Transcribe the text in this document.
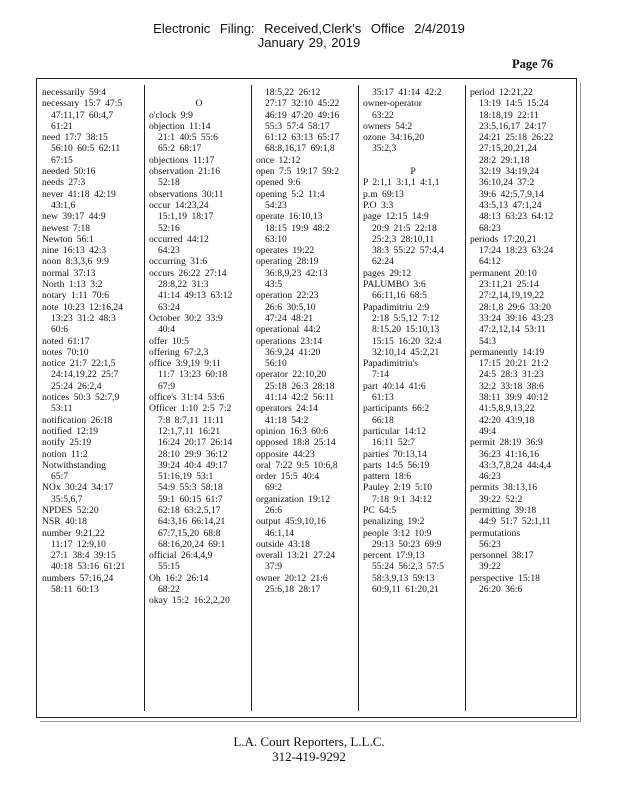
Electronic Filing: Received,Clerk's Office 2/4/2019
January 29, 2019
Page 76
necessarily 59:4
necessary 15:7 47:5
47:11,17 60:4,7
61:21
need 17:7 38:15
56:10 60:5 62:11
67:15
needed 50:16
needs 27:3
never 41:18 42:19
43:1,6
new 39:17 44:9
newest 7:18
Newton 56:1
nine 16:13 42:3
noon 8:3,3,6 9:9
normal 37:13
North 1:13 3:2
notary 1:11 70:6
note 10:23 12:16,24
13:23 31:2 48:3
60:6
noted 61:17
notes 70:10
notice 21:7 22:1,5
24:14,19,22 25:7
25:24 26:2,4
notices 50:3 52:7,9
53:11
notification 26:18
notified 12:19
notify 25:19
notion 11:2
Notwithstanding
65:7
NOx 30:24 34:17
35:5,6,7
NPDES 52:20
NSR 40:18
number 9:21,22
11:17 12:9,10
27:1 38:4 39:15
40:18 53:16 61:21
numbers 57:16,24
58:11 60:13

O
o'clock 9:9
objection 11:14
21:1 40:5 55:6
65:2 68:17
objections 11:17
observation 21:16
52:18
observations 30:11
occur 14:23,24
15:1,19 18:17
52:16
occurred 44:12
64:23
occurring 31:6
occurs 26:22 27:14
28:8,22 31:3
41:14 49:13 63:12
63:24
October 30:2 33:9
40:4
offer 10:5
offering 67:2,3
office 3:9,19 9:11
11:7 13:23 60:18
67:9
office's 31:14 53:6
Officer 1:10 2:5 7:2
7:8 8:7,11 11:11
12:1,7,11 16:21
16:24 20:17 26:14
28:10 29:9 36:12
39:24 40:4 49:17
51:16,19 53:1
54:9 55:3 58:18
59:1 60:15 61:7
62:18 63:2,5,17
64:3,16 66:14,21
67:7,15,20 68:8
68:16,20,24 69:1
official 26:4,4,9
55:15
Oh 16:2 26:14
68:22
okay 15:2 16:2,2,20
18:5,22 26:12
27:17 32:10 45:22
46:19 47:20 49:16
55:3 57:4 58:17
61:12 63:13 65:17
68:8,16,17 69:1,8
once 12:12
open 7:5 19:17 59:2
opened 9:6
opening 5:2 11:4
54:23
operate 16:10,13
18:15 19:9 48:2
63:10
operates 19:22
operating 28:19
36:8,9,23 42:13
43:5
operation 22:23
26:6 30:5,10
47:24 48:21
operational 44:2
operations 23:14
36:9,24 41:20
56:10
operator 22:10,20
25:18 26:3 28:18
41:14 42:2 56:11
operators 24:14
41:18 54:2
opinion 16:3 60:6
opposed 18:8 25:14
opposite 44:23
oral 7:22 9:5 10:6,8
order 15:5 40:4
69:2
organization 19:12
26:6
output 45:9,10,16
46:1,14
outside 43:18
overall 13:21 27:24
37:9
owner 20:12 21:6
25:6,18 28:17
35:17 41:14 42:2
owner-operator
63:22
owners 54:2
ozone 34:16,20
35:2,3

P
P 2:1,1 3:1,1 4:1,1
p.m 69:13
P.O 3:3
page 12:15 14:9
20:9 21:5 22:18
25:2,3 28:10,11
38:3 55:22 57:4,4
62:24
pages 29:12
PALUMBO 3:6
66:11,16 68:5
Papadimitriu 2:9
2:18 5:5,12 7:12
8:15,20 15:10,13
15:15 16:20 32:4
32:10,14 45:2,21
Papadimitriu's
7:14
part 40:14 41:6
61:13
participants 66:2
66:18
particular 14:12
16:11 52:7
parties 70:13,14
parts 14:5 56:19
pattern 18:6
Pauley 2:19 5:10
7:18 9:1 34:12
PC 64:5
penalizing 19:2
people 3:12 10:9
29:13 50:23 69:9
percent 17:9,13
55:24 56:2,3 57:5
58:3,9,13 59:13
60:9,11 61:20,21
period 12:21,22
13:19 14:5 15:24
18:18,19 22:11
23:5,16,17 24:17
24:21 25:18 26:22
27:15,20,21,24
28:2 29:1,18
32:19 34:19,24
36:10,24 37:2
39:6 42:5,7,9,14
43:5,13 47:1,24
48:13 63:23 64:12
68:23
periods 17:20,21
17:24 18:23 63:24
64:12
permanent 20:10
23:11,21 25:14
27:2,14,19,19,22
28:1,8 29:6 33:20
33:24 39:16 43:23
47:2,12,14 53:11
54:3
permanently 14:19
17:15 20:21 21:2
24:5 28:3 31:23
32:2 33:18 38:6
38:11 39:9 40:12
41:5,8,9,13,22
42:20 43:9,18
49:4
permit 28:19 36:9
36:23 41:16,16
43:3,7,8,24 44:4,4
46:23
permits 38:13,16
39:22 52:2
permitting 39:18
44:9 51:7 52:1,11
permutations
56:23
personnel 38:17
39:22
perspective 15:18
26:20 36:6
L.A. Court Reporters, L.L.C.
312-419-9292
